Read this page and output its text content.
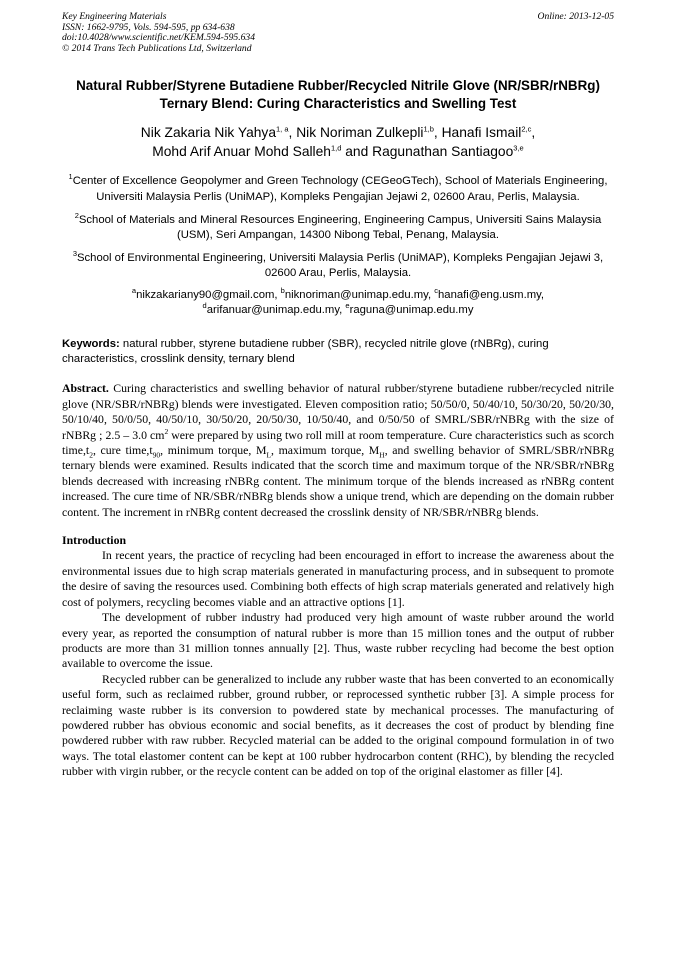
Key Engineering Materials
ISSN: 1662-9795, Vols. 594-595, pp 634-638
doi:10.4028/www.scientific.net/KEM.594-595.634
© 2014 Trans Tech Publications Ltd, Switzerland
Online: 2013-12-05
Natural Rubber/Styrene Butadiene Rubber/Recycled Nitrile Glove (NR/SBR/rNBRg) Ternary Blend: Curing Characteristics and Swelling Test
Nik Zakaria Nik Yahya$^{1, a}$, Nik Noriman Zulkepli$^{1,b}$, Hanafi Ismail$^{2,c}$,
Mohd Arif Anuar Mohd Salleh$^{1,d}$ and Ragunathan Santiagoo$^{3,e}$
$^1$Center of Excellence Geopolymer and Green Technology (CEGeoGTech), School of Materials Engineering, Universiti Malaysia Perlis (UniMAP), Kompleks Pengajian Jejawi 2, 02600 Arau, Perlis, Malaysia.
$^2$School of Materials and Mineral Resources Engineering, Engineering Campus, Universiti Sains Malaysia (USM), Seri Ampangan, 14300 Nibong Tebal, Penang, Malaysia.
$^3$School of Environmental Engineering, Universiti Malaysia Perlis (UniMAP), Kompleks Pengajian Jejawi 3, 02600 Arau, Perlis, Malaysia.
$^a$nikzakariany90@gmail.com, $^b$niknoriman@unimap.edu.my, $^c$hanafi@eng.usm.my,
$^d$arifanuar@unimap.edu.my, $^e$raguna@unimap.edu.my
Keywords: natural rubber, styrene butadiene rubber (SBR), recycled nitrile glove (rNBRg), curing characteristics, crosslink density, ternary blend
Abstract. Curing characteristics and swelling behavior of natural rubber/styrene butadiene rubber/recycled nitrile glove (NR/SBR/rNBRg) blends were investigated. Eleven composition ratio; 50/50/0, 50/40/10, 50/30/20, 50/20/30, 50/10/40, 50/0/50, 40/50/10, 30/50/20, 20/50/30, 10/50/40, and 0/50/50 of SMRL/SBR/rNBRg with the size of rNBRg ; 2.5 – 3.0 $cm^2$ were prepared by using two roll mill at room temperature. Cure characteristics such as scorch $time,t_2$, cure $time,t_{90}$, minimum torque, $M_L$, maximum torque, $M_H$, and swelling behavior of SMRL/SBR/rNBRg ternary blends were examined. Results indicated that the scorch time and maximum torque of the NR/SBR/rNBRg blends decreased with increasing rNBRg content. The minimum torque of the blends increased as rNBRg content increased. The cure time of NR/SBR/rNBRg blends show a unique trend, which are depending on the domain rubber content. The increment in rNBRg content decreased the crosslink density of NR/SBR/rNBRg blends.
Introduction
In recent years, the practice of recycling had been encouraged in effort to increase the awareness about the environmental issues due to high scrap materials generated in manufacturing process, and in subsequent to promote the desire of saving the resources used. Combining both effects of high scrap materials generated and relatively high cost of polymers, recycling becomes viable and an attractive options [1].
The development of rubber industry had produced very high amount of waste rubber around the world every year, as reported the consumption of natural rubber is more than 15 million tones and the output of rubber products are more than 31 million tonnes annually [2]. Thus, waste rubber recycling had become the best option available to overcome the issue.
Recycled rubber can be generalized to include any rubber waste that has been converted to an economically useful form, such as reclaimed rubber, ground rubber, or reprocessed synthetic rubber [3]. A simple process for reclaiming waste rubber is its conversion to powdered state by mechanical processes. The manufacturing of powdered rubber has obvious economic and social benefits, as it decreases the cost of product by blending fine powdered rubber with raw rubber. Recycled material can be added to the original compound formulation in of two ways. The total elastomer content can be kept at 100 rubber hydrocarbon content (RHC), by blending the recycled rubber with virgin rubber, or the recycle content can be added on top of the original elastomer as filler [4].
